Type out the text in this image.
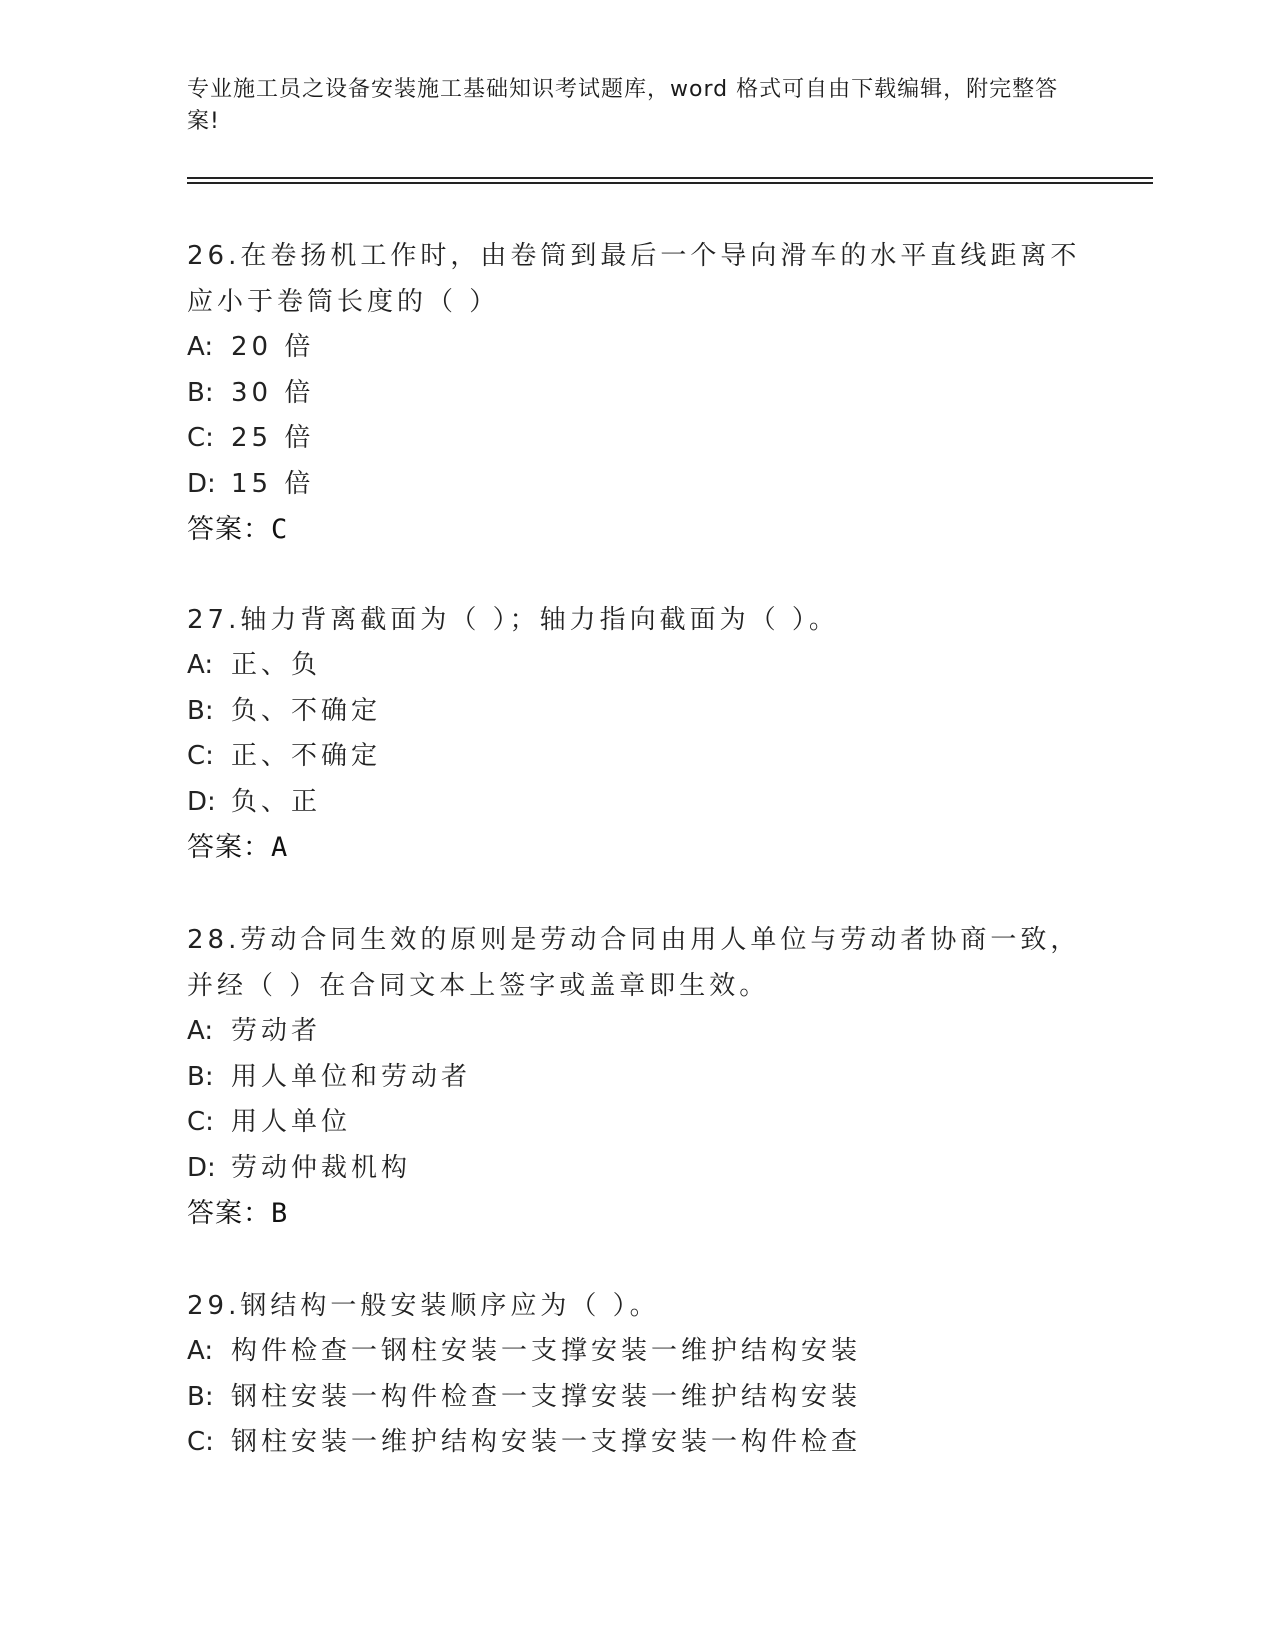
专业施工员之设备安装施工基础知识考试题库，word 格式可自由下载编辑，附完整答案!

26.在卷扬机工作时，由卷筒到最后一个导向滑车的水平直线距离不应小于卷筒长度的（ ）

A: 20 倍
B: 30 倍
C: 25 倍
D: 15 倍
答案：C

27.轴力背离截面为（ ）；轴力指向截面为（ ）。

A: 正、负
B: 负、不确定
C: 正、不确定
D: 负、正
答案：A

28.劳动合同生效的原则是劳动合同由用人单位与劳动者协商一致，并经（ ）在合同文本上签字或盖章即生效。

A: 劳动者
B: 用人单位和劳动者
C: 用人单位
D: 劳动仲裁机构
答案：B

29.钢结构一般安装顺序应为（ ）。

A: 构件检查一钢柱安装一支撑安装一维护结构安装
B: 钢柱安装一构件检查一支撑安装一维护结构安装
C: 钢柱安装一维护结构安装一支撑安装一构件检查
